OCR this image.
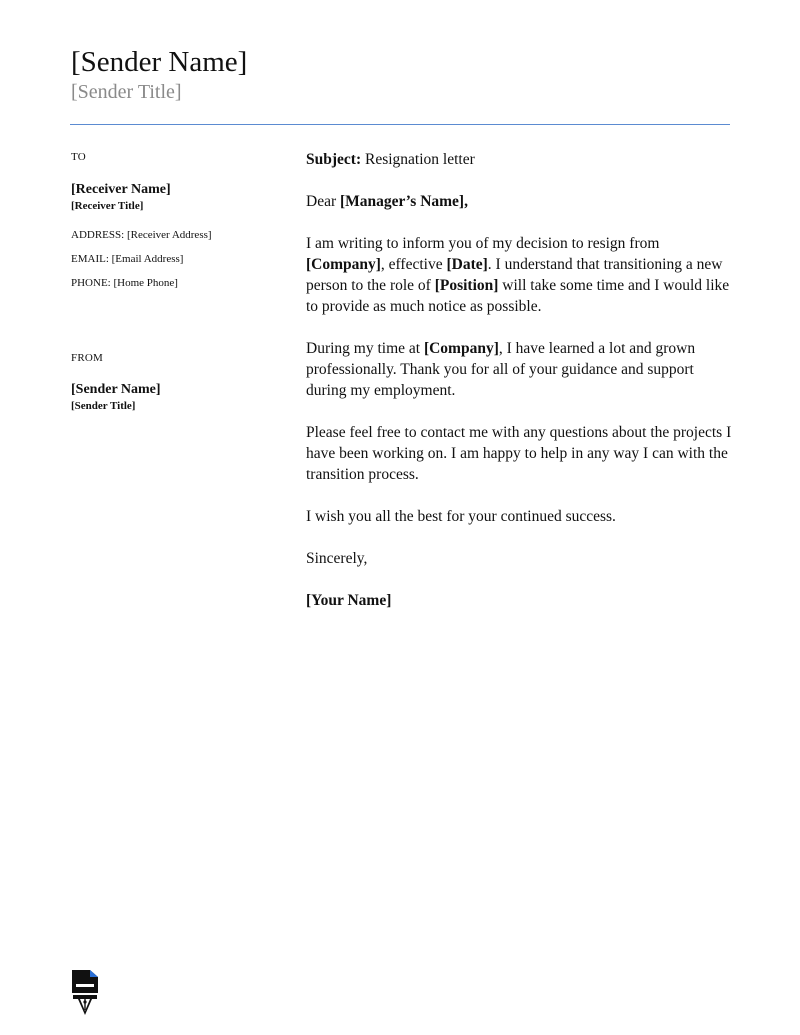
[Sender Name]
[Sender Title]
TO
[Receiver Name]
[Receiver Title]
ADDRESS: [Receiver Address]
EMAIL: [Email Address]
PHONE: [Home Phone]
FROM
[Sender Name]
[Sender Title]

Subject: Resignation letter

Dear [Manager’s Name],

I am writing to inform you of my decision to resign from [Company], effective [Date]. I understand that transitioning a new person to the role of [Position] will take some time and I would like to provide as much notice as possible.

During my time at [Company], I have learned a lot and grown professionally. Thank you for all of your guidance and support during my employment.

Please feel free to contact me with any questions about the projects I have been working on. I am happy to help in any way I can with the transition process.

I wish you all the best for your continued success.

Sincerely,

[Your Name]
